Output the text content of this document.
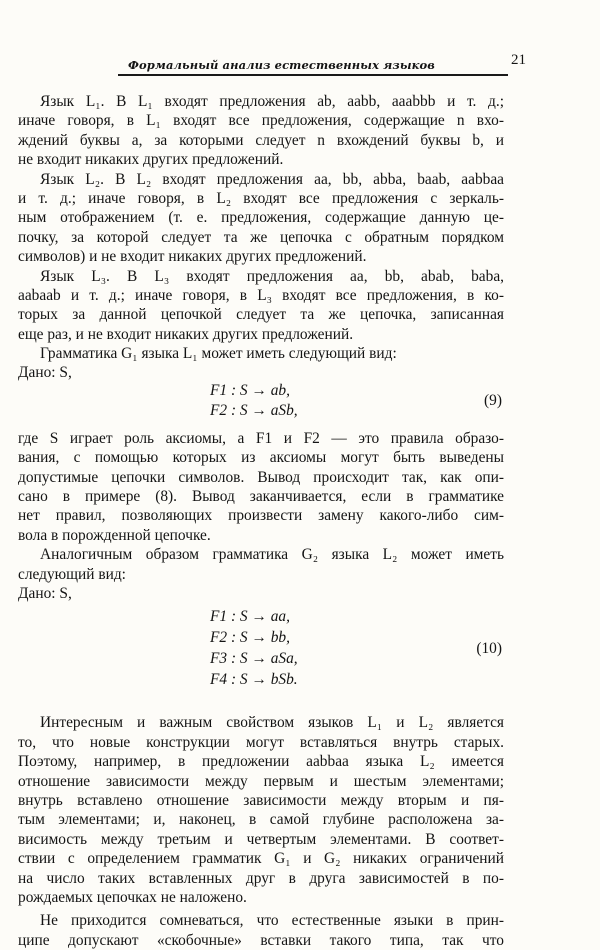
Формальный анализ естественных языков	21
Язык L₁. В L₁ входят предложения ab, aabb, aaabbb и т. д.;
иначе говоря, в L₁ входят все предложения, содержащие n вхо-
ждений буквы a, за которыми следует n вхождений буквы b, и
не входит никаких других предложений.
Язык L₂. В L₂ входят предложения aa, bb, abba, baab, aabbaa
и т. д.; иначе говоря, в L₂ входят все предложения с зеркаль-
ным отображением (т. е. предложения, содержащие данную це-
почку, за которой следует та же цепочка с обратным порядком
символов) и не входит никаких других предложений.
Язык L₃. В L₃ входят предложения aa, bb, abab, baba,
aabaab и т. д.; иначе говоря, в L₃ входят все предложения, в ко-
торых за данной цепочкой следует та же цепочка, записанная
еще раз, и не входит никаких других предложений.
Грамматика G₁ языка L₁ может иметь следующий вид:
Дано: S,
F1 : S → ab,
F2 : S → aSb,
(9)
где S играет роль аксиомы, а F1 и F2 — это правила образо-
вания, с помощью которых из аксиомы могут быть выведены
допустимые цепочки символов. Вывод происходит так, как опи-
сано в примере (8). Вывод заканчивается, если в грамматике
нет правил, позволяющих произвести замену какого-либо сим-
вола в порожденной цепочке.
Аналогичным образом грамматика G₂ языка L₂ может иметь
следующий вид:
Дано: S,
F1 : S → aa,
F2 : S → bb,
F3 : S → aSa,
F4 : S → bSb.
(10)
Интересным и важным свойством языков L₁ и L₂ является
то, что новые конструкции могут вставляться внутрь старых.
Поэтому, например, в предложении aabbaa языка L₂ имеется
отношение зависимости между первым и шестым элементами;
внутрь вставлено отношение зависимости между вторым и пя-
тым элементами; и, наконец, в самой глубине расположена за-
висимость между третьим и четвертым элементами. В соответ-
ствии с определением грамматик G₁ и G₂ никаких ограничений
на число таких вставленных друг в друга зависимостей в по-
рождаемых цепочках не наложено.
Не приходится сомневаться, что естественные языки в прин-
ципе допускают «скобочные» вставки такого типа, так что
